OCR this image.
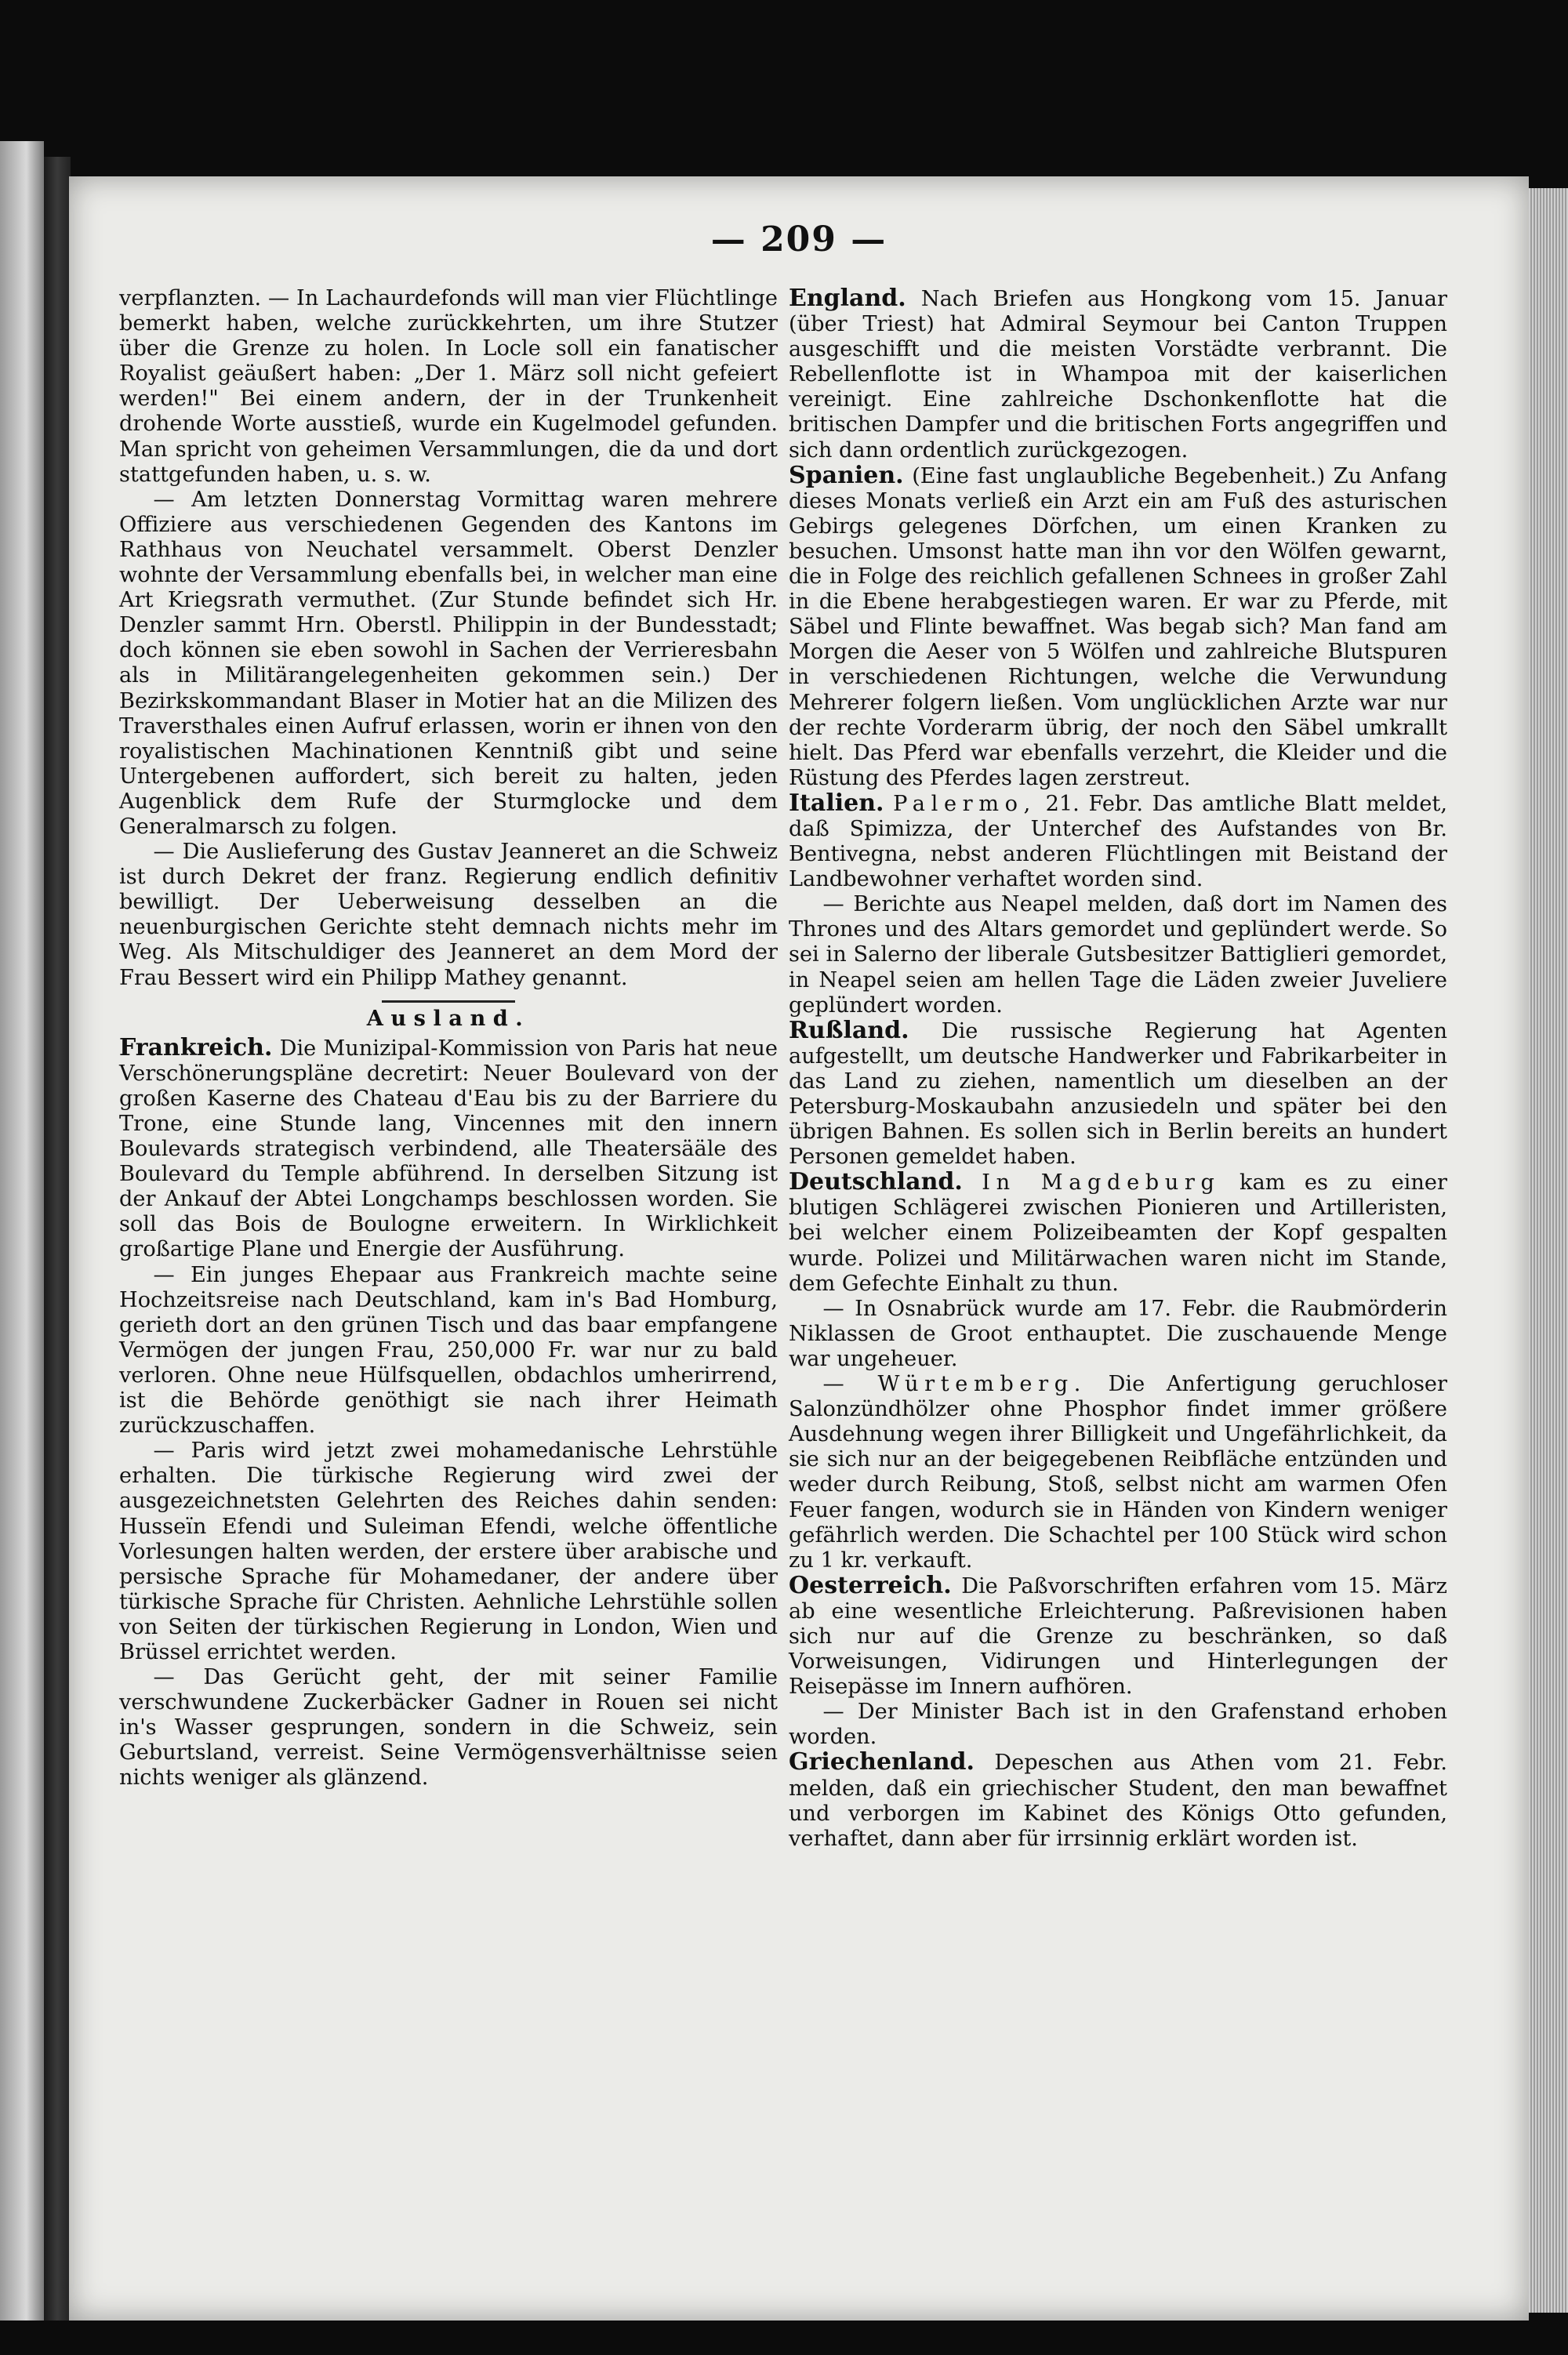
— 209 —

verpflanzten. — In Lachaurdefonds will man vier Flüchtlinge bemerkt haben, welche zurückkehrten, um ihre Stutzer über die Grenze zu holen. In Locle soll ein fanatischer Royalist geäußert haben: „Der 1. März soll nicht gefeiert werden!" Bei einem andern, der in der Trunkenheit drohende Worte ausstieß, wurde ein Kugelmodel gefunden. Man spricht von geheimen Versammlungen, die da und dort stattgefunden haben, u. s. w.

— Am letzten Donnerstag Vormittag waren mehrere Offiziere aus verschiedenen Gegenden des Kantons im Rathhaus von Neuchatel versammelt. Oberst Denzler wohnte der Versammlung ebenfalls bei, in welcher man eine Art Kriegsrath vermuthet. (Zur Stunde befindet sich Hr. Denzler sammt Hrn. Oberstl. Philippin in der Bundesstadt; doch können sie eben sowohl in Sachen der Verrieresbahn als in Militärangelegenheiten gekommen sein.) Der Bezirkskommandant Blaser in Motier hat an die Milizen des Traversthales einen Aufruf erlassen, worin er ihnen von den royalistischen Machinationen Kenntniß gibt und seine Untergebenen auffordert, sich bereit zu halten, jeden Augenblick dem Rufe der Sturmglocke und dem Generalmarsch zu folgen.

— Die Auslieferung des Gustav Jeanneret an die Schweiz ist durch Dekret der franz. Regierung endlich definitiv bewilligt. Der Ueberweisung desselben an die neuenburgischen Gerichte steht demnach nichts mehr im Weg. Als Mitschuldiger des Jeanneret an dem Mord der Frau Bessert wird ein Philipp Mathey genannt.

Ausland.

Frankreich. Die Munizipal-Kommission von Paris hat neue Verschönerungspläne decretirt: Neuer Boulevard von der großen Kaserne des Chateau d'Eau bis zu der Barriere du Trone, eine Stunde lang, Vincennes mit den innern Boulevards strategisch verbindend, alle Theatersääle des Boulevard du Temple abführend. In derselben Sitzung ist der Ankauf der Abtei Longchamps beschlossen worden. Sie soll das Bois de Boulogne erweitern. In Wirklichkeit großartige Plane und Energie der Ausführung.

— Ein junges Ehepaar aus Frankreich machte seine Hochzeitsreise nach Deutschland, kam in's Bad Homburg, gerieth dort an den grünen Tisch und das baar empfangene Vermögen der jungen Frau, 250,000 Fr. war nur zu bald verloren. Ohne neue Hülfsquellen, obdachlos umherirrend, ist die Behörde genöthigt sie nach ihrer Heimath zurückzuschaffen.

— Paris wird jetzt zwei mohamedanische Lehrstühle erhalten. Die türkische Regierung wird zwei der ausgezeichnetsten Gelehrten des Reiches dahin senden: Husseïn Efendi und Suleiman Efendi, welche öffentliche Vorlesungen halten werden, der erstere über arabische und persische Sprache für Mohamedaner, der andere über türkische Sprache für Christen. Aehnliche Lehrstühle sollen von Seiten der türkischen Regierung in London, Wien und Brüssel errichtet werden.

— Das Gerücht geht, der mit seiner Familie verschwundene Zuckerbäcker Gadner in Rouen sei nicht in's Wasser gesprungen, sondern in die Schweiz, sein Geburtsland, verreist. Seine Vermögensverhältnisse seien nichts weniger als glänzend.

England. Nach Briefen aus Hongkong vom 15. Januar (über Triest) hat Admiral Seymour bei Canton Truppen ausgeschifft und die meisten Vorstädte verbrannt. Die Rebellenflotte ist in Whampoa mit der kaiserlichen vereinigt. Eine zahlreiche Dschonkenflotte hat die britischen Dampfer und die britischen Forts angegriffen und sich dann ordentlich zurückgezogen.

Spanien. (Eine fast unglaubliche Begebenheit.) Zu Anfang dieses Monats verließ ein Arzt ein am Fuß des asturischen Gebirgs gelegenes Dörfchen, um einen Kranken zu besuchen. Umsonst hatte man ihn vor den Wölfen gewarnt, die in Folge des reichlich gefallenen Schnees in großer Zahl in die Ebene herabgestiegen waren. Er war zu Pferde, mit Säbel und Flinte bewaffnet. Was begab sich? Man fand am Morgen die Aeser von 5 Wölfen und zahlreiche Blutspuren in verschiedenen Richtungen, welche die Verwundung Mehrerer folgern ließen. Vom unglücklichen Arzte war nur der rechte Vorderarm übrig, der noch den Säbel umkrallt hielt. Das Pferd war ebenfalls verzehrt, die Kleider und die Rüstung des Pferdes lagen zerstreut.

Italien. Palermo, 21. Febr. Das amtliche Blatt meldet, daß Spimizza, der Unterchef des Aufstandes von Br. Bentivegna, nebst anderen Flüchtlingen mit Beistand der Landbewohner verhaftet worden sind.

— Berichte aus Neapel melden, daß dort im Namen des Thrones und des Altars gemordet und geplündert werde. So sei in Salerno der liberale Gutsbesitzer Battiglieri gemordet, in Neapel seien am hellen Tage die Läden zweier Juveliere geplündert worden.

Rußland. Die russische Regierung hat Agenten aufgestellt, um deutsche Handwerker und Fabrikarbeiter in das Land zu ziehen, namentlich um dieselben an der Petersburg-Moskaubahn anzusiedeln und später bei den übrigen Bahnen. Es sollen sich in Berlin bereits an hundert Personen gemeldet haben.

Deutschland. In Magdeburg kam es zu einer blutigen Schlägerei zwischen Pionieren und Artilleristen, bei welcher einem Polizeibeamten der Kopf gespalten wurde. Polizei und Militärwachen waren nicht im Stande, dem Gefechte Einhalt zu thun.

— In Osnabrück wurde am 17. Febr. die Raubmörderin Niklassen de Groot enthauptet. Die zuschauende Menge war ungeheuer.

— Würtemberg. Die Anfertigung geruchloser Salonzündhölzer ohne Phosphor findet immer größere Ausdehnung wegen ihrer Billigkeit und Ungefährlichkeit, da sie sich nur an der beigegebenen Reibfläche entzünden und weder durch Reibung, Stoß, selbst nicht am warmen Ofen Feuer fangen, wodurch sie in Händen von Kindern weniger gefährlich werden. Die Schachtel per 100 Stück wird schon zu 1 kr. verkauft.

Oesterreich. Die Paßvorschriften erfahren vom 15. März ab eine wesentliche Erleichterung. Paßrevisionen haben sich nur auf die Grenze zu beschränken, so daß Vorweisungen, Vidirungen und Hinterlegungen der Reisepässe im Innern aufhören.

— Der Minister Bach ist in den Grafenstand erhoben worden.

Griechenland. Depeschen aus Athen vom 21. Febr. melden, daß ein griechischer Student, den man bewaffnet und verborgen im Kabinet des Königs Otto gefunden, verhaftet, dann aber für irrsinnig erklärt worden ist.
